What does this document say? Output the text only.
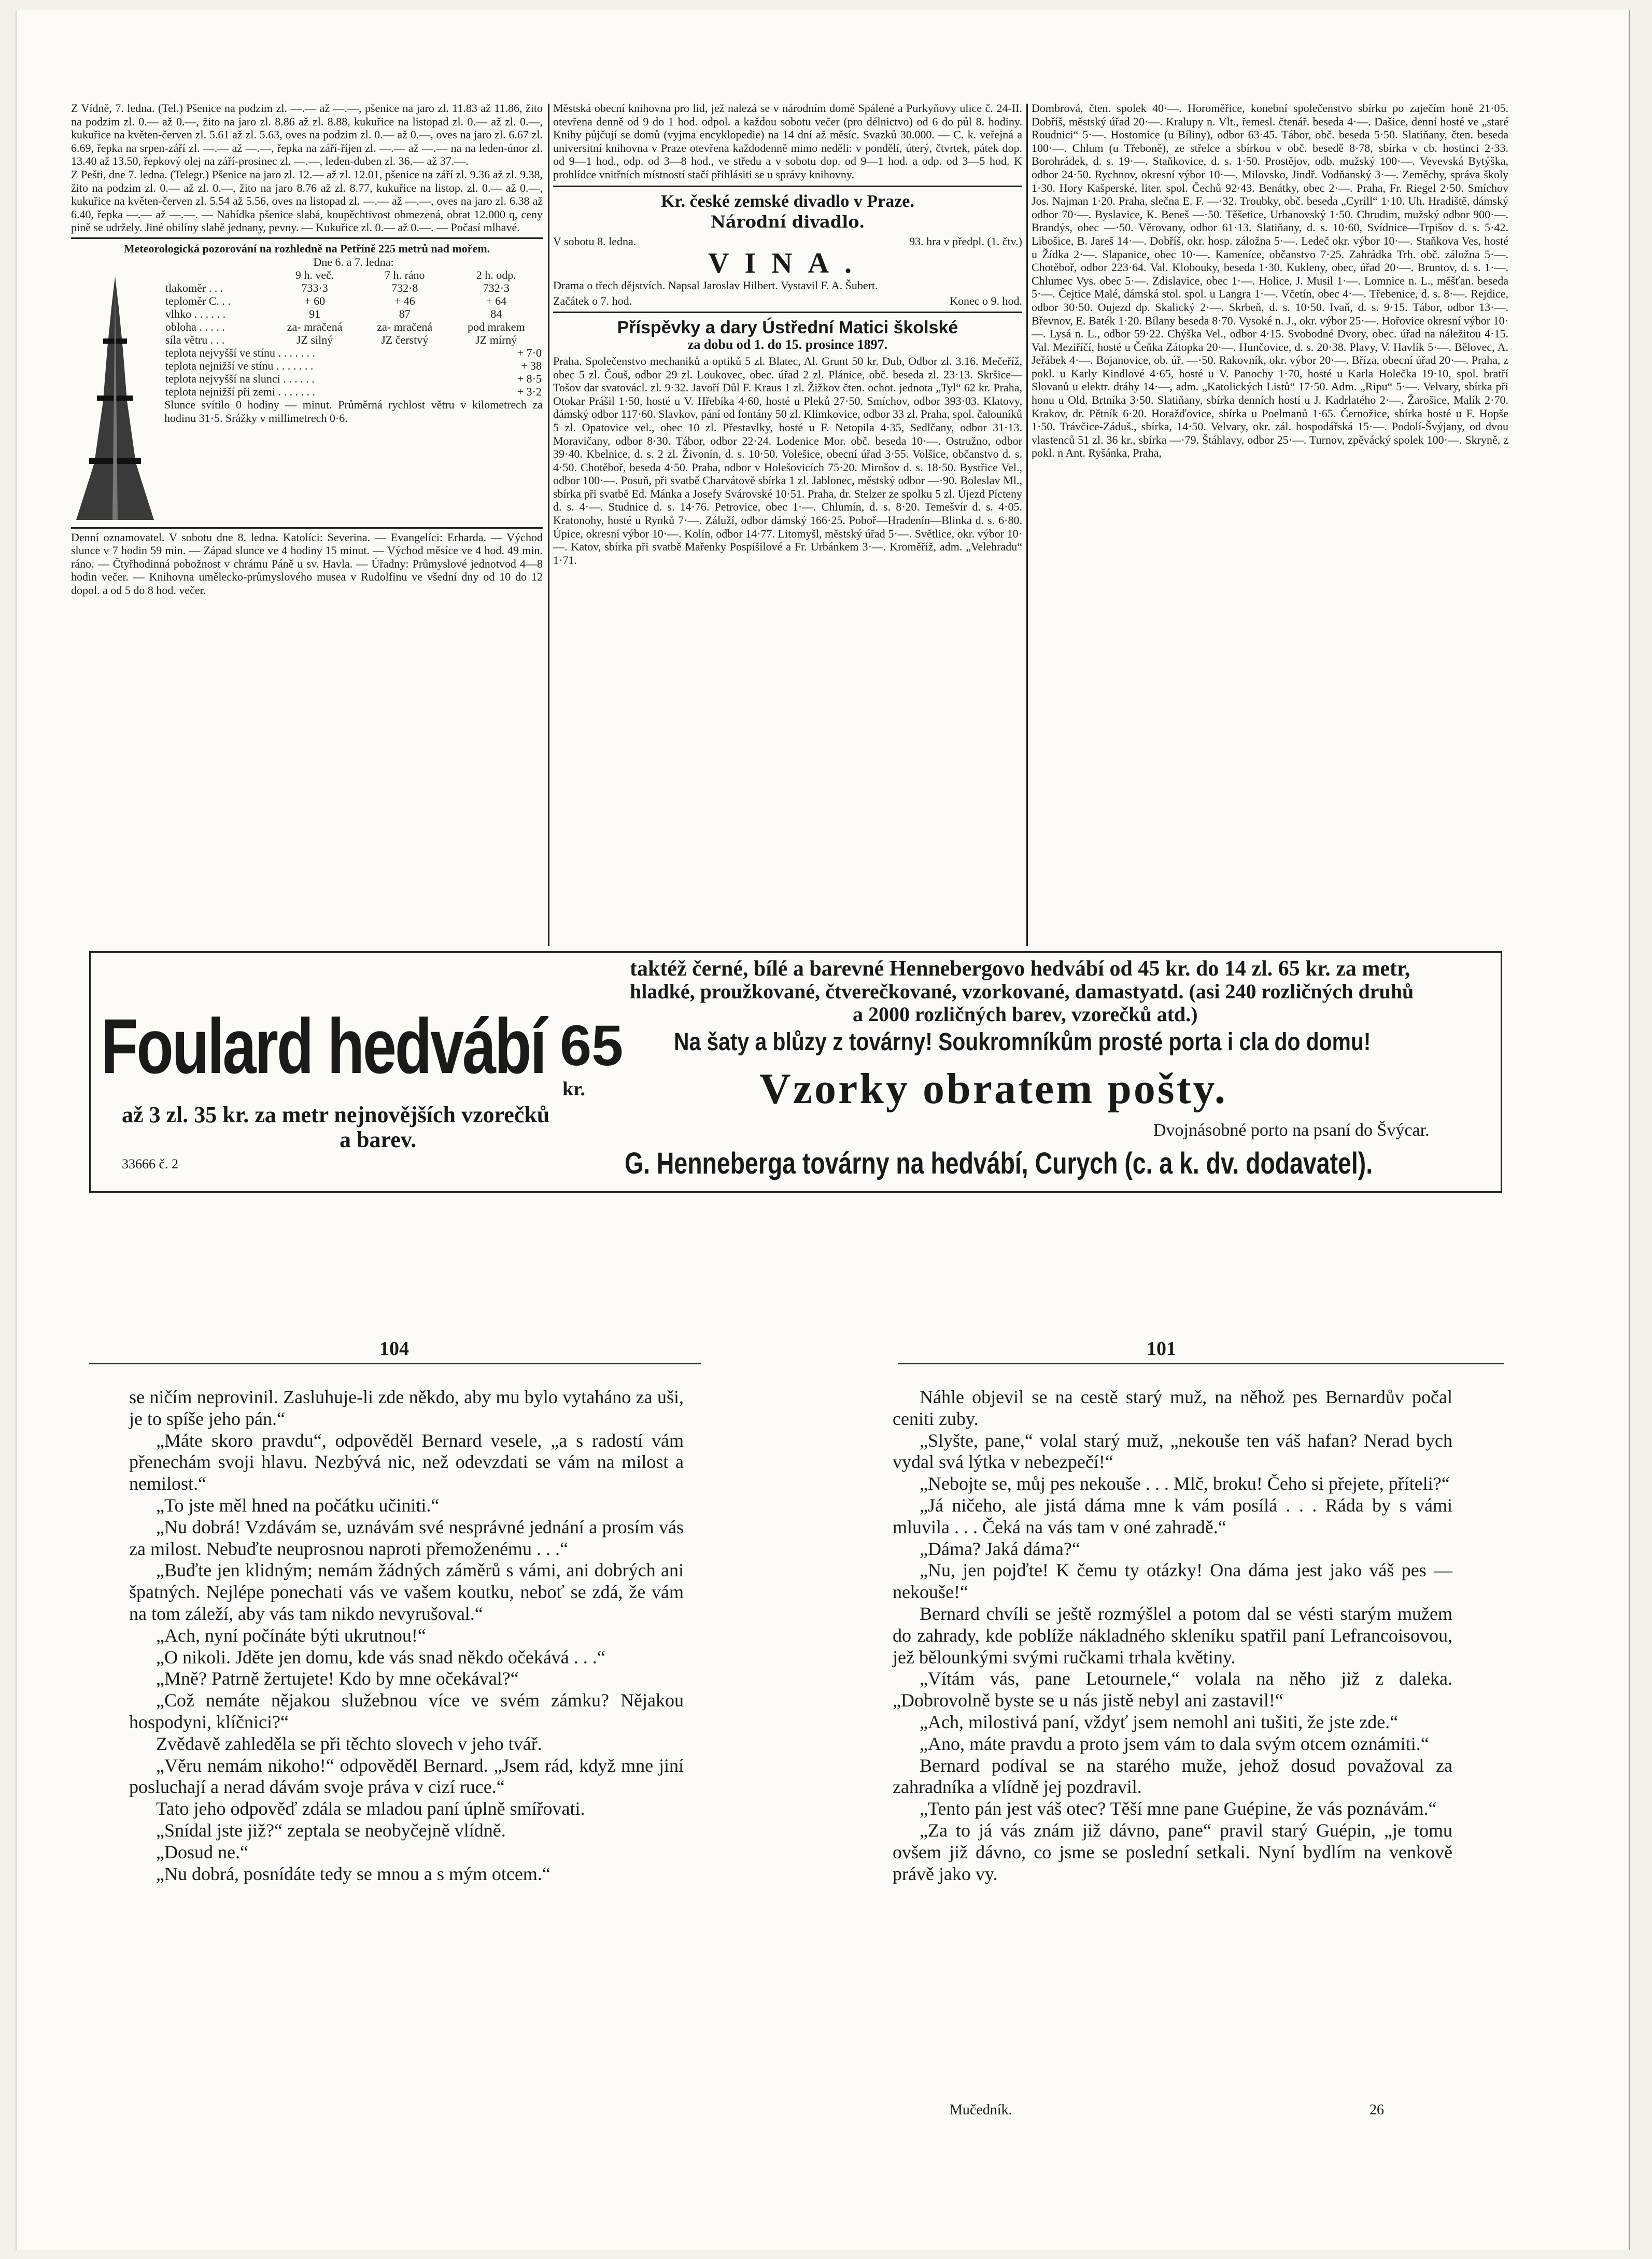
Z Vídně, 7. ledna. (Tel.) Pšenice na podzim zl. —.— až —.—, pšenice na jaro zl. 11.83 až 11.86, žito na podzim zl. 0.— až 0.—, žito na jaro zl. 8.86 až zl. 8.88, kukuřice na listopad zl. 0.— až zl. 0.—, kukuřice na květen-červen zl. 5.61 až zl. 5.63, oves na podzim zl. 0.— až 0.—, oves na jaro zl. 6.67 zl. 6.69, řepka na srpen-září zl. —.— až —.—, řepka na září-říjen zl. —.— až —.— na na leden-únor zl. 13.40 až 13.50, řepkový olej na září-prosinec zl. —.—, leden-duben zl. 36.— až 37.—.

Z Pešti, dne 7. ledna. (Telegr.) Pšenice na jaro zl. 12.— až zl. 12.01, pšenice na září zl. 9.36 až zl. 9.38, žito na podzim zl. 0.— až zl. 0.—, žito na jaro 8.76 až zl. 8.77, kukuřice na listop. zl. 0.— až 0.—, kukuřice na květen-červen zl. 5.54 až 5.56, oves na listopad zl. —.— až —.—, oves na jaro zl. 6.38 až 6.40, řepka —.— až —.—. — Nabídka pšenice slabá, koupěchtivost obmezená, obrat 12.000 q, ceny pině se udržely. Jiné obilíny slabě jednany, pevny. — Kukuřice zl. 0.— až 0.—. — Počasí mlhavé.

Meteorologická pozorování na rozhledně na Petříně 225 metrů nad mořem.

Dne 6. a 7. ledna:

	9 h. več.	7 h. ráno	2 h. odp.
tlakoměr . . .	733·3	732·8	732·3
teploměr C. . .	+ 60	+ 46	+ 64
vlhko . . . . . .	91	87	84
oblohа . . . . .	za- mračená	za- mračená	pod mrakem
síla větru . . .	JZ silný	JZ čerstvý	JZ mírný
teplota nejvyšší ve stínu . . . . . . .	+ 7·0
teplota nejnižší ve stínu . . . . . . .	+ 38
teplota nejvyšší na slunci . . . . . .	+ 8·5
teplota nejnižší při zemi . . . . . . .	+ 3·2

Slunce svítilo 0 hodiny — minut. Průměrná rychlost větru v kilometrech za hodinu 31·5. Srážky v millimetrech 0·6.

Denní oznamovatel. V sobotu dne 8. ledna. Katolíci: Severina. — Evangelíci: Erharda. — Východ slunce v 7 hodin 59 min. — Západ slunce ve 4 hodiny 15 minut. — Východ měsíce ve 4 hod. 49 min. ráno. — Čtyřhodinná pobožnost v chrámu Páně u sv. Havla. — Úřadny: Průmyslové jednotvod 4—8 hodin večer. — Knihovna umělecko-průmyslového musea v Rudolfinu ve všední dny od 10 do 12 dopol. a od 5 do 8 hod. večer.

Městská obecní knihovna pro lid, jež nalezá se v národním domě Spálené a Purkyňovy ulice č. 24-II. otevřena denně od 9 do 1 hod. odpol. a každou sobotu večer (pro délnictvo) od 6 do půl 8. hodiny. Knihy půjčují se domů (vyjma encyklopedie) na 14 dní až měsíc. Svazků 30.000. — C. k. veřejná a universitní knihovna v Praze otevřena každodenně mimo neděli: v pondělí, úterý, čtvrtek, pátek dop. od 9—1 hod., odp. od 3—8 hod., ve středu a v sobotu dop. od 9—1 hod. a odp. od 3—5 hod. K prohlídce vnitřních místností stačí přihlásiti se u správy knihovny.

Kr. české zemské divadlo v Praze.

Národní divadlo.

V sobotu 8. ledna.	93. hra v předpl. (1. čtv.)

VINA.

Drama o třech dějstvích. Napsal Jaroslav Hilbert. Vystavil F. A. Šubert.

Začátek o 7. hod.	Konec o 9. hod.

Příspěvky a dary Ústřední Matici školské

za dobu od 1. do 15. prosince 1897.

Praha. Společenstvo mechaniků a optiků 5 zl. Blatec, Al. Grunt 50 kr. Dub, Odbor zl. 3.16. Mečeříž, obec 5 zl. Čouš, odbor 29 zl. Loukovec, obec. úřad 2 zl. Plánice, obč. beseda zl. 23·13. Skršice—Tošov dar svatovácl. zl. 9·32. Javoří Důl F. Kraus 1 zl. Žižkov čten. ochot. jednota „Tyl“ 62 kr. Praha, Otokar Prášil 1·50, hosté u V. Hřebíka 4·60, hosté u Pleků 27·50. Smíchov, odbor 393·03. Klatovy, dámský odbor 117·60. Slavkov, pání od fontány 50 zl. Klimkovice, odbor 33 zl. Praha, spol. čalouníků 5 zl. Opatovice vel., obec 10 zl. Přestavlky, hosté u F. Netopila 4·35, Sedlčany, odbor 31·13. Moravičany, odbor 8·30. Tábor, odbor 22·24. Lodenice Mor. obč. beseda 10·—. Ostružno, odbor 39·40. Kbelnice, d. s. 2 zl. Živonín, d. s. 10·50. Volešice, obecní úřad 3·55. Volšice, občanstvo d. s. 4·50. Chotěboř, beseda 4·50. Praha, odbor v Holešovicích 75·20. Mirošov d. s. 18·50. Bystřice Vel., odbor 100·—. Posuň, při svatbě Charvátově sbírka 1 zl. Jablonec, městský odbor —·90. Boleslav Ml., sbírka při svatbě Ed. Mánka a Josefy Svárovské 10·51. Praha, dr. Stelzer ze spolku 5 zl. Újezd Pícteny d. s. 4·—. Studnice d. s. 14·76. Petrovice, obec 1·—. Chlumín, d. s. 8·20. Temešvír d. s. 4·05. Kratonohy, hosté u Rynků 7·—. Záluží, odbor dámský 166·25. Poboř—Hradenín—Blinka d. s. 6·80. Úpice, okresní výbor 10·—. Kolín, odbor 14·77. Litomyšl, městský úřad 5·—. Světlice, okr. výbor 10·—. Katov, sbírka při svatbě Mařenky Pospíšilové a Fr. Urbánkem 3·—. Kroměříž, adm. „Velehradu“ 1·71.

Dombrová, čten. spolek 40·—. Horoměřice, konební společenstvo sbírku po zaječím honě 21·05. Dobříš, městský úřad 20·—. Kralupy n. Vlt., řemesl. čtenář. beseda 4·—. Dašice, denní hosté ve „staré Roudnici“ 5·—. Hostomice (u Bíliny), odbor 63·45. Tábor, obč. beseda 5·50. Slatiňany, čten. beseda 100·—. Chlum (u Třeboně), ze střelce a sbírkou v obč. besedě 8·78, sbírka v cb. hostinci 2·33. Borohrádek, d. s. 19·—. Staňkovice, d. s. 1·50. Prostějov, odb. mužský 100·—. Vevevská Bytýška, odbor 24·50. Rychnov, okresní výbor 10·—. Milovsko, Jindř. Vodňanský 3·—. Zeměchy, správa školy 1·30. Hory Kašperské, liter. spol. Čechů 92·43. Benátky, obec 2·—. Praha, Fr. Riegel 2·50. Smíchov Jos. Najman 1·20. Praha, slečna E. F. —·32. Troubky, obč. beseda „Cyrill“ 1·10. Uh. Hradiště, dámský odbor 70·—. Byslavice, K. Beneš —·50. Těšetice, Urbanovský 1·50. Chrudim, mužský odbor 900·—. Brandýs, obec —·50. Věrovany, odbor 61·13. Slatiňany, d. s. 10·60, Svídnice—Trpišov d. s. 5·42. Libošice, B. Jareš 14·—. Dobříš, okr. hosp. záložna 5·—. Ledeč okr. výbor 10·—. Staňkova Ves, hosté u Žídka 2·—. Slapanice, obec 10·—. Kameníce, občanstvo 7·25. Zahrádka Trh. obč. záložna 5·—. Chotěboř, odbor 223·64. Val. Klobouky, beseda 1·30. Kukleny, obec, úřad 20·—. Bruntov, d. s. 1·—. Chlumec Vys. obec 5·—. Zdislavice, obec 1·—. Holice, J. Musil 1·—. Lomnice n. L., měšťan. beseda 5·—. Čejtice Malé, dámská stol. spol. u Langra 1·—. Včetín, obec 4·—. Třebenice, d. s. 8·—. Rejdice, odbor 30·50. Oujezd dp. Skalický 2·—. Skrbeň, d. s. 10·50. Ivaň, d. s. 9·15. Tábor, odbor 13·—. Břevnov, E. Baték 1·20. Bílany beseda 8·70. Vysoké n. J., okr. výbor 25·—. Hořovice okresní výbor 10·—. Lysá n. L., odbor 59·22. Chýška Vel., odbor 4·15. Svobodné Dvory, obec. úřad na náležitou 4·15. Val. Meziříčí, hosté u Čeňka Zátopka 20·—. Hunčovice, d. s. 20·38. Plavy, V. Havlík 5·—. Bělovec, A. Jeřábek 4·—. Bojanovice, ob. úř. —·50. Rakovník, okr. výbor 20·—. Bříza, obecní úřad 20·—. Praha, z pokl. u Karly Kindlové 4·65, hosté u V. Panochy 1·70, hosté u Karla Holečka 19·10, spol. bratří Slovanů u elektr. dráhy 14·—, adm. „Katolických Listů“ 17·50. Adm. „Ripu“ 5·—. Velvary, sbírka při honu u Old. Brtníka 3·50. Slatiňany, sbírka denních hostí u J. Kadrlatého 2·—. Žarošice, Malík 2·70. Krakov, dr. Pětník 6·20. Horažďovice, sbírka u Poelmanů 1·65. Černožice, sbírka hosté u F. Hopše 1·50. Trávčice-Záduš., sbírka, 14·50. Velvary, okr. zál. hospodářská 15·—. Podolí-Švýjany, od dvou vlastenců 51 zl. 36 kr., sbírka —·79. Štáhlavy, odbor 25·—. Turnov, zpěvácký spolek 100·—. Skryně, z pokl. n Ant. Ryšánka, Praha,

taktéž černé, bílé a barevné Hennebergovo hedvábí od 45 kr. do 14 zl. 65 kr. za metr,
hladké, proužkované, čtverečkované, vzorkované, damastyatd. (asi 240 rozličných druhů
a 2000 rozličných barev, vzorečků atd.)
Foulard hedvábí 65
kr.
Na šaty a blůzy z továrny! Soukromníkům prosté porta i cla do domu!
Vzorky obratem pošty.
až 3 zl. 35 kr. za metr nejnovějších vzorečků
a barev.	Dvojnásobné porto na psaní do Švýcar.
33666 č. 2	G. Henneberga továrny na hedvábí, Curych (c. a k. dv. dodavatel).
104	101

se ničím neprovinil. Zasluhuje-li zde někdo, aby mu bylo vytaháno za uši, je to spíše jeho pán.“

„Máte skoro pravdu“, odpověděl Bernard vesele, „a s radostí vám přenechám svoji hlavu. Nezbývá nic, než odevzdati se vám na milost a nemilost.“

„To jste měl hned na počátku učiniti.“

„Nu dobrá! Vzdávám se, uznávám své nesprávné jednání a prosím vás za milost. Nebuďte neuprosnou naproti přemoženému . . .“

„Buďte jen klidným; nemám žádných záměrů s vámi, ani dobrých ani špatných. Nejlépe ponechati vás ve vašem koutku, neboť se zdá, že vám na tom záleží, aby vás tam nikdo nevyrušoval.“

„Ach, nyní počínáte býti ukrutnou!“

„O nikoli. Jděte jen domu, kde vás snad někdo očekává . . .“

„Mně? Patrně žertujete! Kdo by mne očekával?“

„Což nemáte nějakou služebnou více ve svém zámku? Nějakou hospodyni, klíčnici?“

Zvědavě zahleděla se při těchto slovech v jeho tvář.

„Věru nemám nikoho!“ odpověděl Bernard. „Jsem rád, když mne jiní posluchají a nerad dávám svoje práva v cizí ruce.“

Tato jeho odpověď zdála se mladou paní úplně smířovati.

„Snídal jste již?“ zeptala se neobyčejně vlídně.

„Dosud ne.“

„Nu dobrá, posnídáte tedy se mnou a s mým otcem.“

Náhle objevil se na cestě starý muž, na něhož pes Bernardův počal ceniti zuby.

„Slyšte, pane,“ volal starý muž, „nekouše ten váš hafan? Nerad bych vydal svá lýtka v nebezpečí!“

„Nebojte se, můj pes nekouše . . . Mlč, broku! Čeho si přejete, příteli?“

„Já ničeho, ale jistá dáma mne k vám posílá . . . Ráda by s vámi mluvila . . . Čeká na vás tam v oné zahradě.“

„Dáma? Jaká dáma?“

„Nu, jen pojďte! K čemu ty otázky! Ona dáma jest jako váš pes — nekouše!“

Bernard chvíli se ještě rozmýšlel a potom dal se vésti starým mužem do zahrady, kde poblíže nákladného skleníku spatřil paní Lefrancoisovou, jež bělounkými svými ručkami trhala květiny.

„Vítám vás, pane Letournele,“ volala na něho již z daleka. „Dobrovolně byste se u nás jistě nebyl ani zastavil!“

„Ach, milostivá paní, vždyť jsem nemohl ani tušiti, že jste zde.“

„Ano, máte pravdu a proto jsem vám to dala svým otcem oznámiti.“

Bernard podíval se na starého muže, jehož dosud považoval za zahradníka a vlídně jej pozdravil.

„Tento pán jest váš otec? Těší mne pane Guépine, že vás poznávám.“

„Za to já vás znám již dávno, pane“ pravil starý Guépin, „je tomu ovšem již dávno, co jsme se poslední setkali. Nyní bydlím na venkově právě jako vy.

Mučedník.	26
